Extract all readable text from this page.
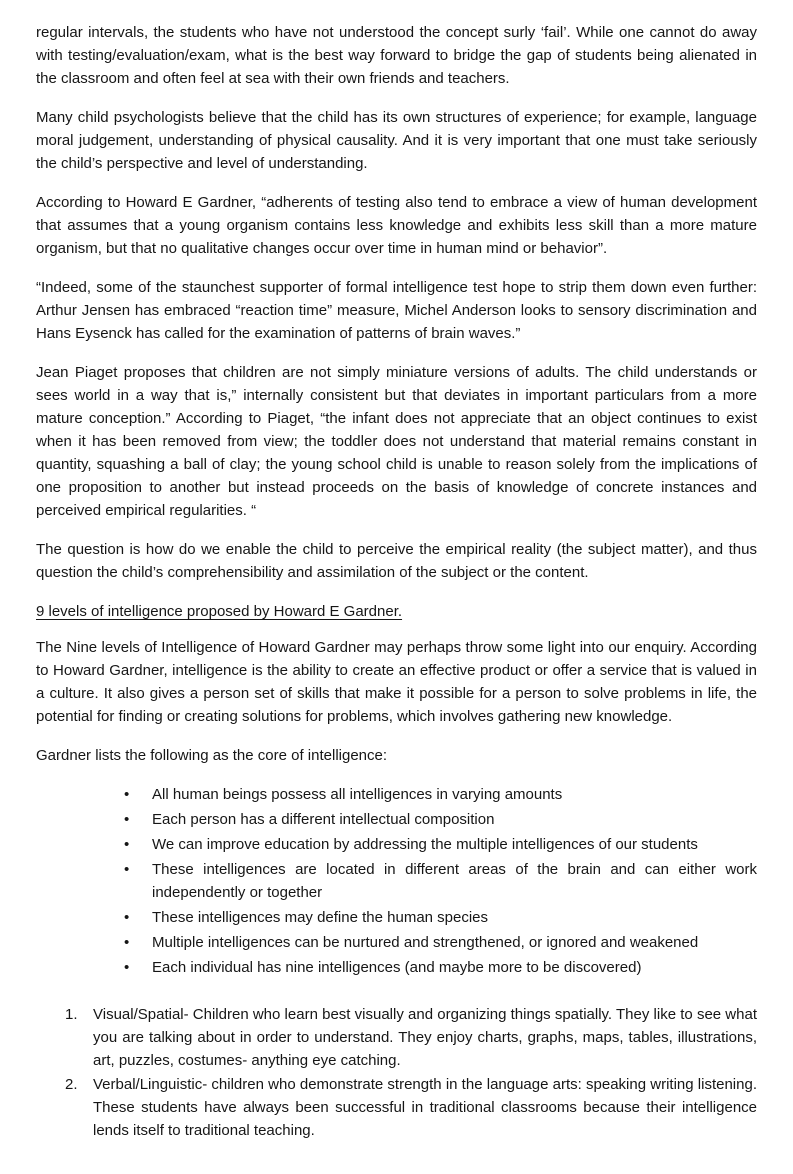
regular intervals, the students who have not understood the concept surly ‘fail’. While one cannot do away with testing/evaluation/exam, what is the best way forward to bridge the gap of students being alienated in the classroom and often feel at sea with their own friends and teachers.

Many child psychologists believe that the child has its own structures of experience; for example, language moral judgement, understanding of physical causality. And it is very important that one must take seriously the child’s perspective and level of understanding.

According to Howard E Gardner, “adherents of testing also tend to embrace a view of human development that assumes that a young organism contains less knowledge and exhibits less skill than a more mature organism, but that no qualitative changes occur over time in human mind or behavior”.

“Indeed, some of the staunchest supporter of formal intelligence test hope to strip them down even further: Arthur Jensen has embraced “reaction time” measure, Michel Anderson looks to sensory discrimination and Hans Eysenck has called for the examination of patterns of brain waves.”

Jean Piaget proposes that children are not simply miniature versions of adults. The child understands or sees world in a way that is,” internally consistent but that deviates in important particulars from a more mature conception.” According to Piaget, “the infant does not appreciate that an object continues to exist when it has been removed from view; the toddler does not understand that material remains constant in quantity, squashing a ball of clay; the young school child is unable to reason solely from the implications of one proposition to another but instead proceeds on the basis of knowledge of concrete instances and perceived empirical regularities. “

The question is how do we enable the child to perceive the empirical reality (the subject matter), and thus question the child’s comprehensibility and assimilation of the subject or the content.

9 levels of intelligence proposed by Howard E Gardner.

The Nine levels of Intelligence of Howard Gardner may perhaps throw some light into our enquiry. According to Howard Gardner, intelligence is the ability to create an effective product or offer a service that is valued in a culture. It also gives a person set of skills that make it possible for a person to solve problems in life, the potential for finding or creating solutions for problems, which involves gathering new knowledge.

Gardner lists the following as the core of intelligence:

• All human beings possess all intelligences in varying amounts
• Each person has a different intellectual composition
• We can improve education by addressing the multiple intelligences of our students
• These intelligences are located in different areas of the brain and can either work independently or together
• These intelligences may define the human species
• Multiple intelligences can be nurtured and strengthened, or ignored and weakened
• Each individual has nine intelligences (and maybe more to be discovered)
1. Visual/Spatial- Children who learn best visually and organizing things spatially. They like to see what you are talking about in order to understand. They enjoy charts, graphs, maps, tables, illustrations, art, puzzles, costumes- anything eye catching.
2. Verbal/Linguistic- children who demonstrate strength in the language arts: speaking writing listening. These students have always been successful in traditional classrooms because their intelligence lends itself to traditional teaching.
